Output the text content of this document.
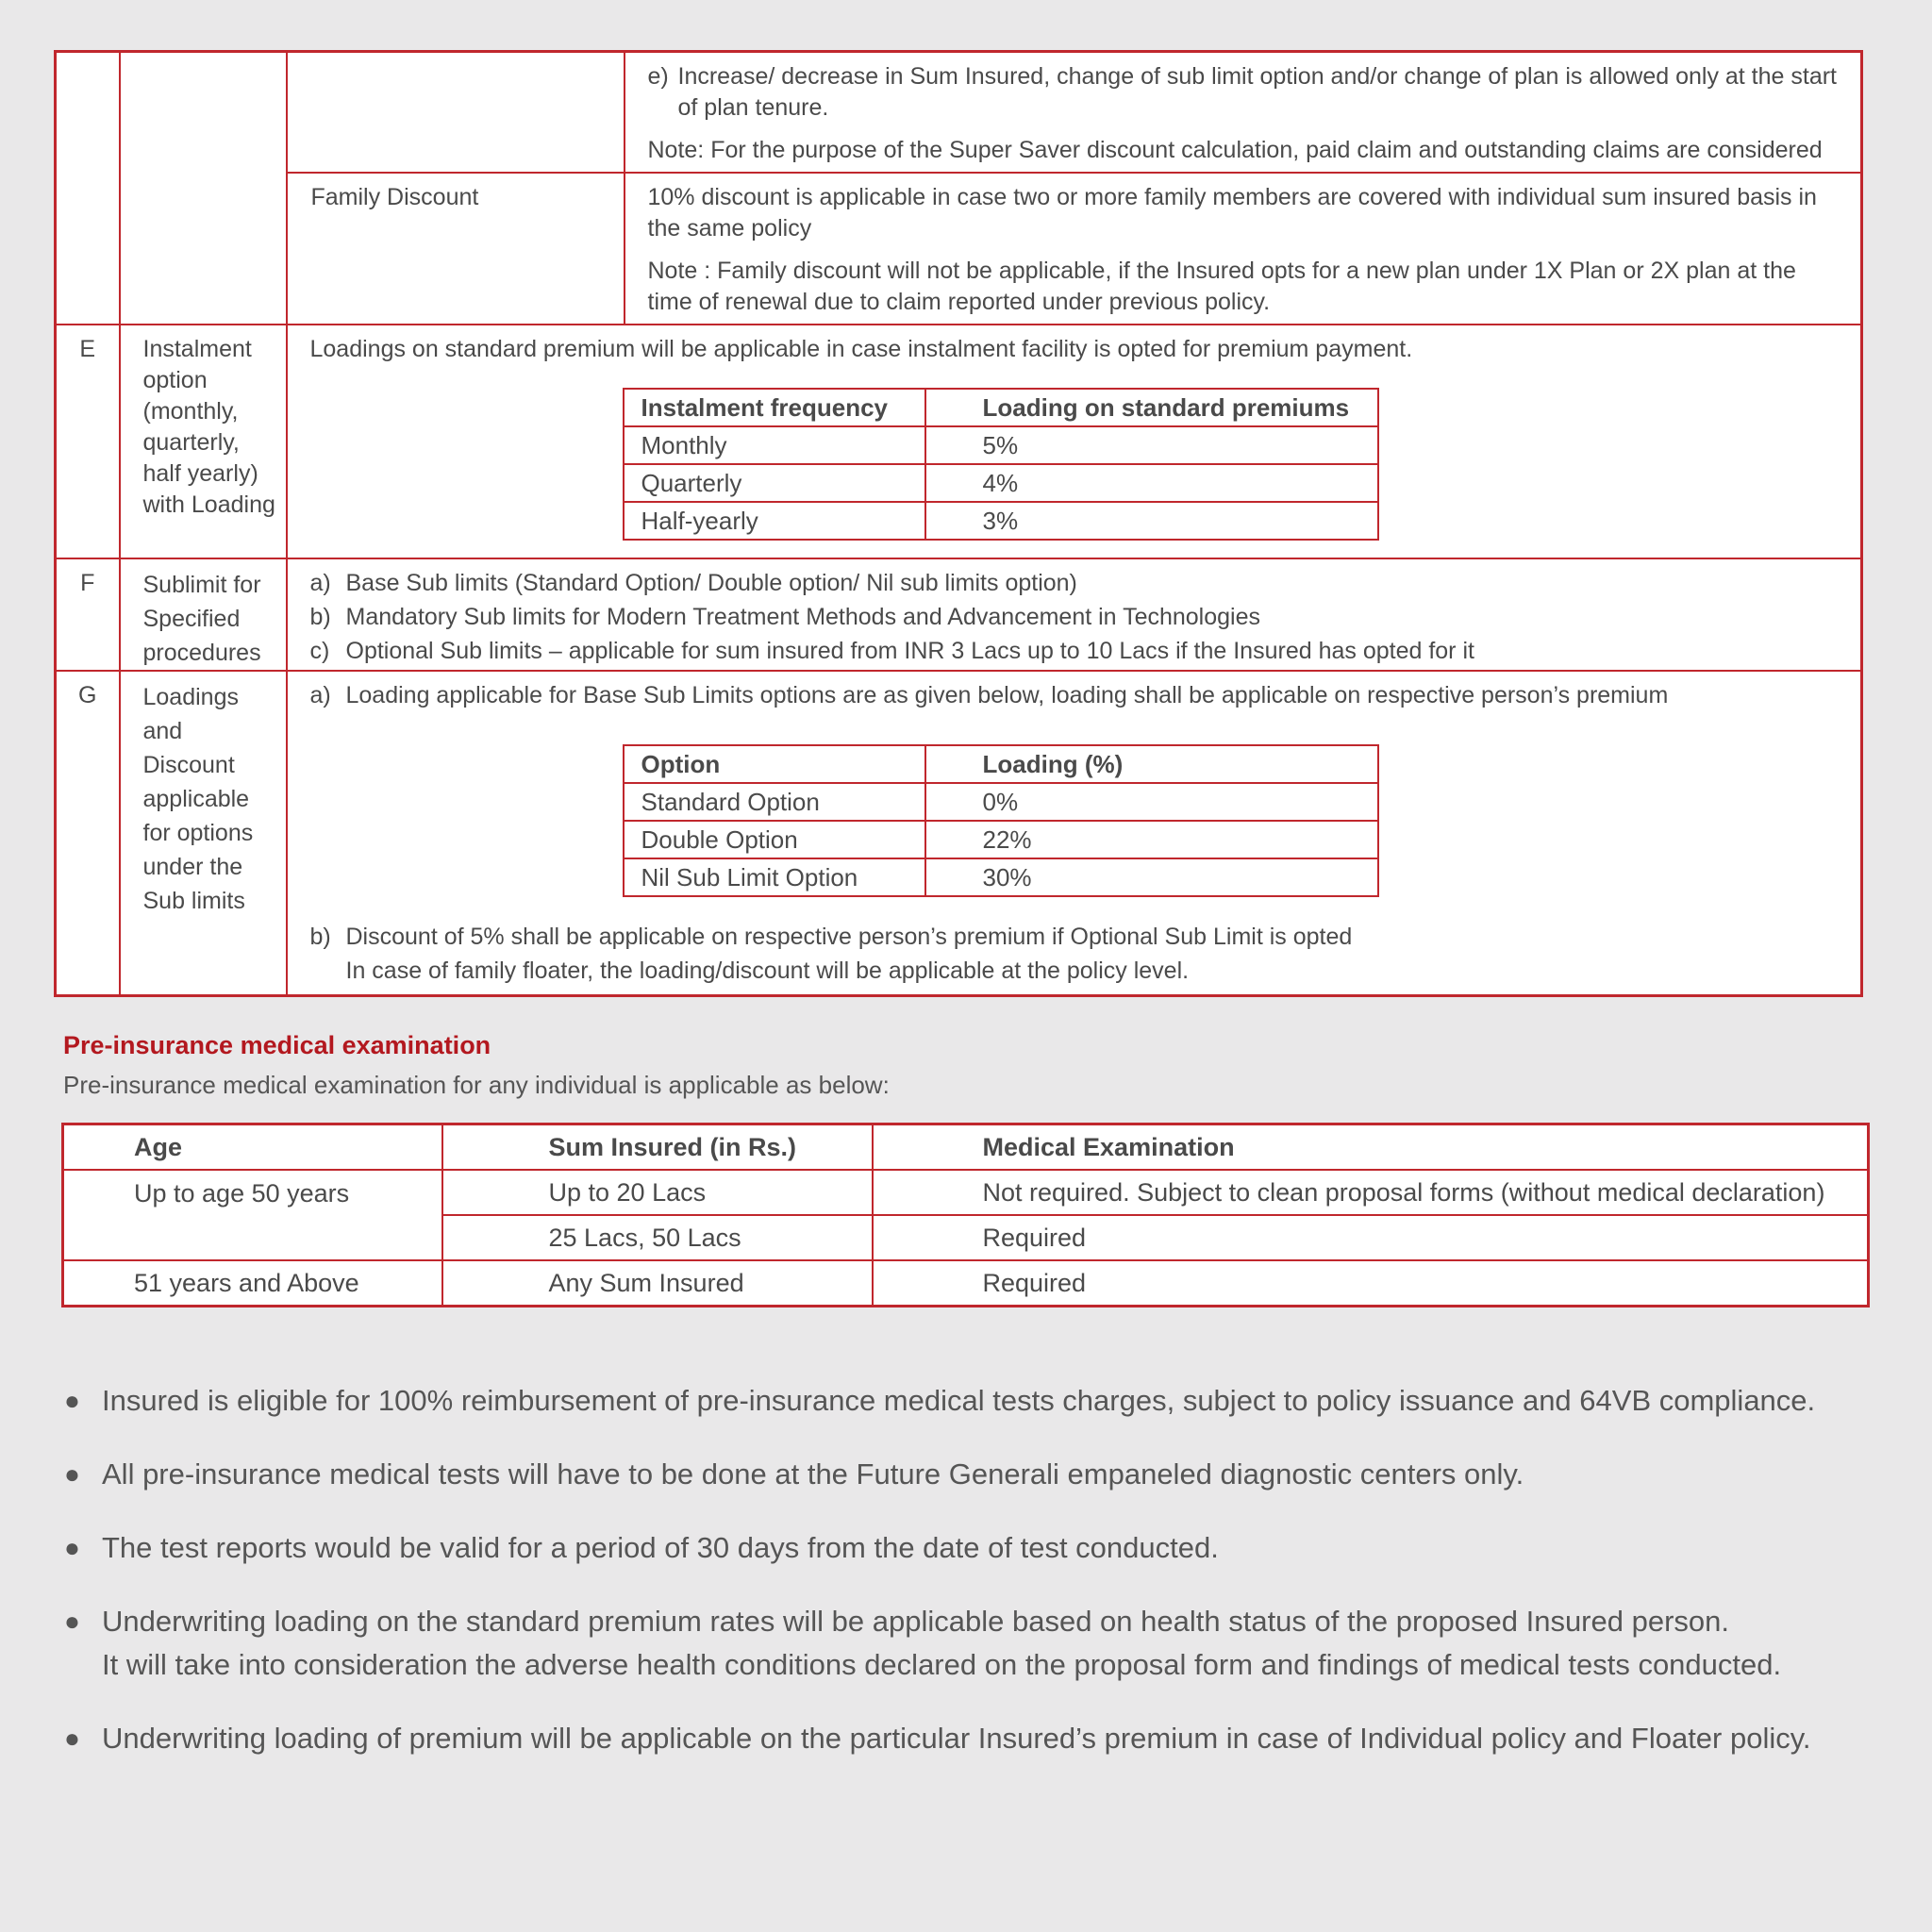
e) Increase/ decrease in Sum Insured, change of sub limit option and/or change of plan is allowed only at the start of plan tenure.
Note: For the purpose of the Super Saver discount calculation, paid claim and outstanding claims are considered

Family Discount	10% discount is applicable in case two or more family members are covered with individual sum insured basis in the same policy
Note : Family discount will not be applicable, if the Insured opts for a new plan under 1X Plan or 2X plan at the time of renewal due to claim reported under previous policy.

E	Instalment option (monthly, quarterly, half yearly) with Loading

Loadings on standard premium will be applicable in case instalment facility is opted for premium payment.
Instalment frequency	Loading on standard premiums
Monthly	5%
Quarterly	4%
Half-yearly	3%

F	Sublimit for Specified procedures

a) Base Sub limits (Standard Option/ Double option/ Nil sub limits option)
b) Mandatory Sub limits for Modern Treatment Methods and Advancement in Technologies
c) Optional Sub limits – applicable for sum insured from INR 3 Lacs up to 10 Lacs if the Insured has opted for it

G	Loadings and Discount applicable for options under the Sub limits

a) Loading applicable for Base Sub Limits options are as given below, loading shall be applicable on respective person’s premium
Option	Loading (%)
Standard Option	0%
Double Option	22%
Nil Sub Limit Option	30%
b) Discount of 5% shall be applicable on respective person’s premium if Optional Sub Limit is opted
In case of family floater, the loading/discount will be applicable at the policy level.
Pre-insurance medical examination
Pre-insurance medical examination for any individual is applicable as below:
Age	Sum Insured (in Rs.)	Medical Examination
Up to age 50 years	Up to 20 Lacs	Not required. Subject to clean proposal forms (without medical declaration)
	25 Lacs, 50 Lacs	Required
51 years and Above	Any Sum Insured	Required
● Insured is eligible for 100% reimbursement of pre-insurance medical tests charges, subject to policy issuance and 64VB compliance.
● All pre-insurance medical tests will have to be done at the Future Generali empaneled diagnostic centers only.
● The test reports would be valid for a period of 30 days from the date of test conducted.
● Underwriting loading on the standard premium rates will be applicable based on health status of the proposed Insured person.
It will take into consideration the adverse health conditions declared on the proposal form and findings of medical tests conducted.
● Underwriting loading of premium will be applicable on the particular Insured’s premium in case of Individual policy and Floater policy.
